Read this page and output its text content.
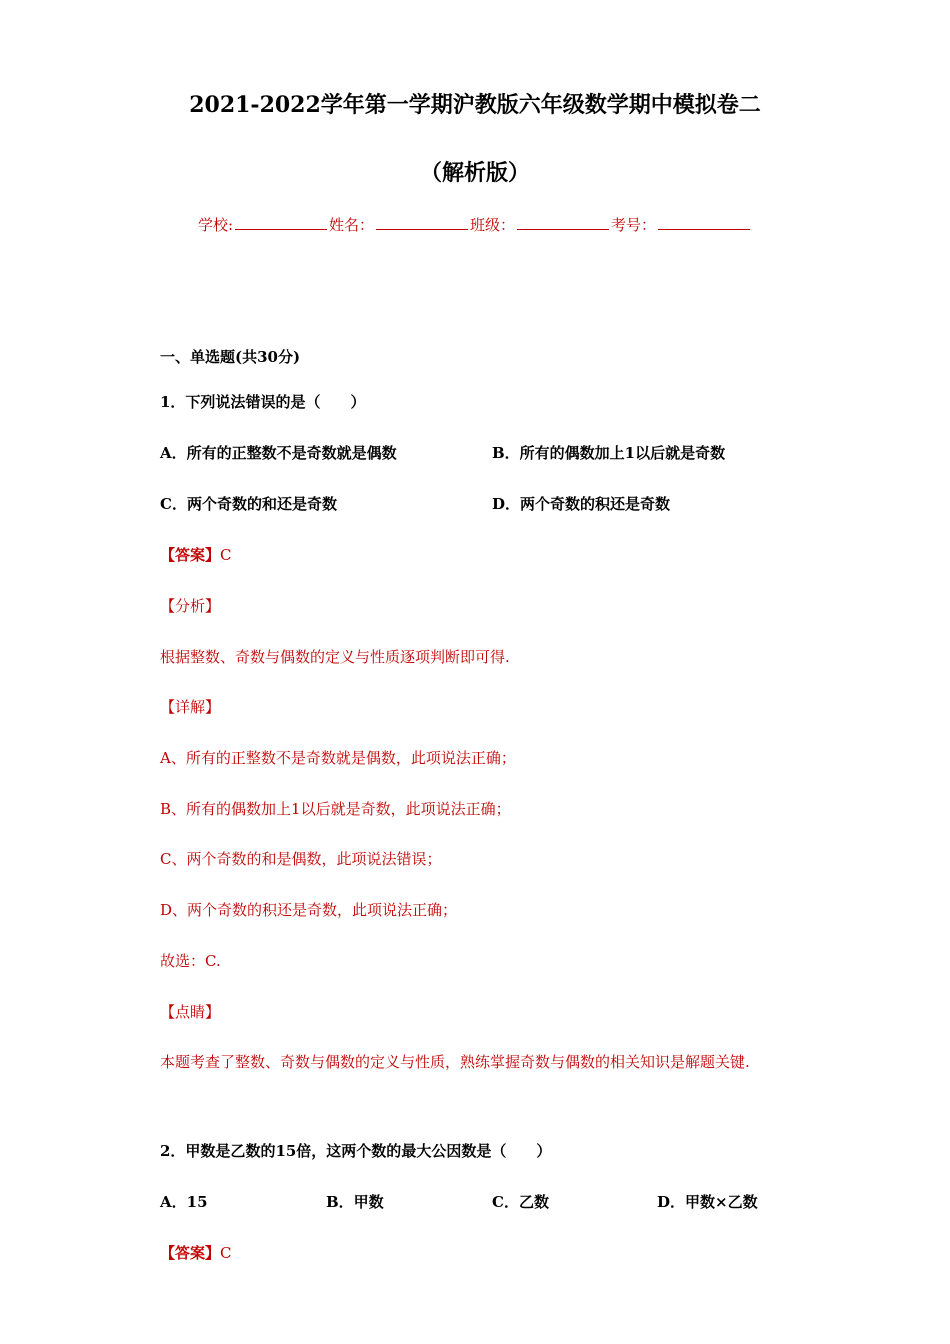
2021-2022学年第一学期沪教版六年级数学期中模拟卷二
（解析版）
学校:	姓名：	班级：	考号：
一、单选题(共30分)
1．下列说法错误的是（　　）
A．所有的正整数不是奇数就是偶数	B．所有的偶数加上1以后就是奇数
C．两个奇数的和还是奇数	D．两个奇数的积还是奇数
【答案】C
【分析】
根据整数、奇数与偶数的定义与性质逐项判断即可得.
【详解】
A、所有的正整数不是奇数就是偶数，此项说法正确；
B、所有的偶数加上1以后就是奇数，此项说法正确；
C、两个奇数的和是偶数，此项说法错误；
D、两个奇数的积还是奇数，此项说法正确；
故选：C.
【点睛】
本题考查了整数、奇数与偶数的定义与性质，熟练掌握奇数与偶数的相关知识是解题关键.
2．甲数是乙数的15倍，这两个数的最大公因数是（　　）
A．15	B．甲数	C．乙数	D．甲数×乙数
【答案】C
